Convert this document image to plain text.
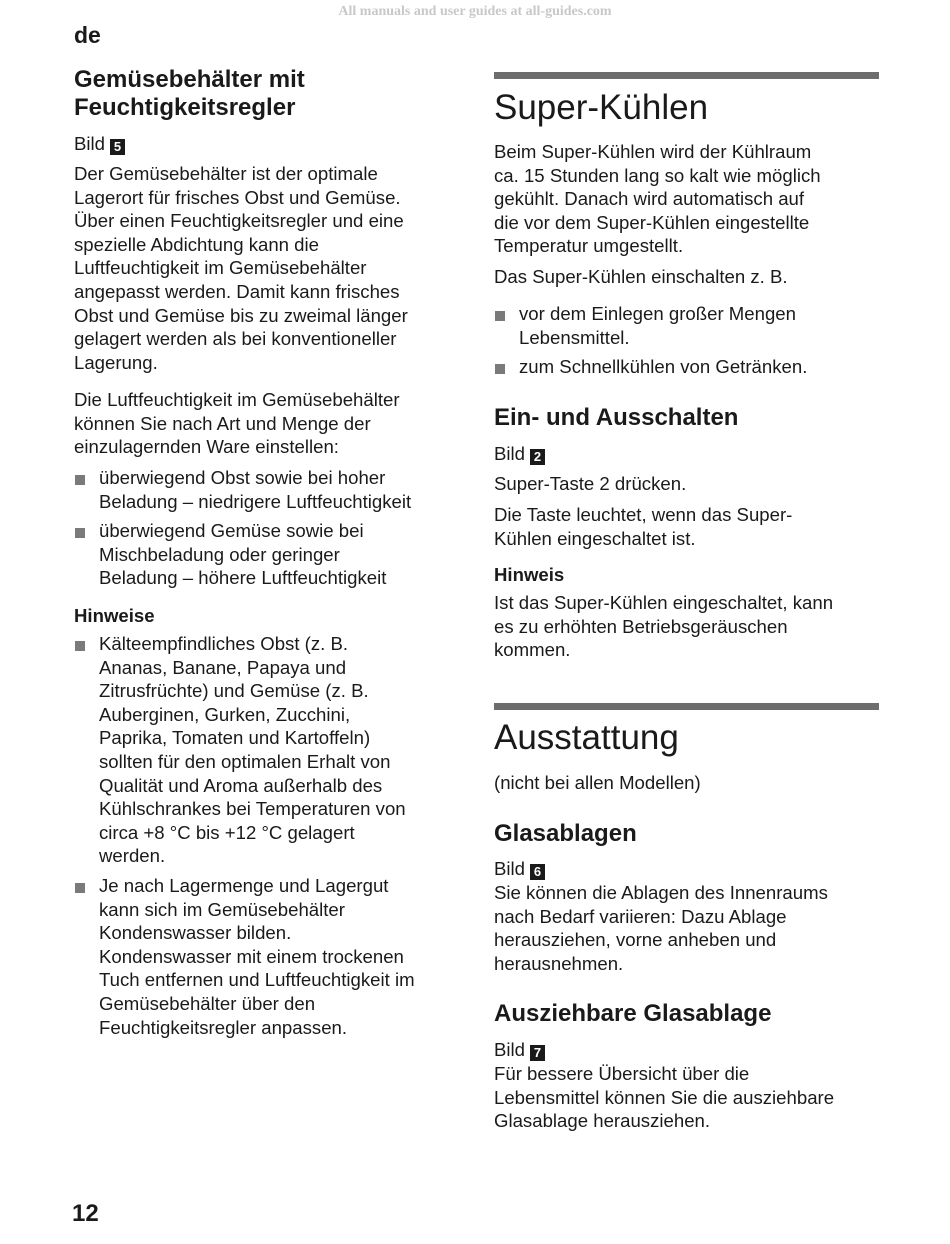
All manuals and user guides at all-guides.com
de
Gemüsebehälter mit
Feuchtigkeitsregler
Bild 5

Der Gemüsebehälter ist der optimale

Lagerort für frisches Obst und Gemüse.

Über einen Feuchtigkeitsregler und eine

spezielle Abdichtung kann die

Luftfeuchtigkeit im Gemüsebehälter

angepasst werden. Damit kann frisches

Obst und Gemüse bis zu zweimal länger

gelagert werden als bei konventioneller

Lagerung.

Die Luftfeuchtigkeit im Gemüsebehälter

können Sie nach Art und Menge der

einzulagernden Ware einstellen:

überwiegend Obst sowie bei hoher
Beladung – niedrigere Luftfeuchtigkeit
überwiegend Gemüse sowie bei
Mischbeladung oder geringer
Beladung – höhere Luftfeuchtigkeit
Hinweise
Kälteempfindliches Obst (z. B.
Ananas, Banane, Papaya und
Zitrusfrüchte) und Gemüse (z. B.
Auberginen, Gurken, Zucchini,
Paprika, Tomaten und Kartoffeln)
sollten für den optimalen Erhalt von
Qualität und Aroma außerhalb des
Kühlschrankes bei Temperaturen von
circa +8 °C bis +12 °C gelagert
werden.
Je nach Lagermenge und Lagergut
kann sich im Gemüsebehälter
Kondenswasser bilden.
Kondenswasser mit einem trockenen
Tuch entfernen und Luftfeuchtigkeit im
Gemüsebehälter über den
Feuchtigkeitsregler anpassen.
Super-Kühlen

Beim Super-Kühlen wird der Kühlraum

ca. 15 Stunden lang so kalt wie möglich

gekühlt. Danach wird automatisch auf

die vor dem Super-Kühlen eingestellte

Temperatur umgestellt.

Das Super-Kühlen einschalten z. B.

vor dem Einlegen großer Mengen
Lebensmittel.
zum Schnellkühlen von Getränken.
Ein- und Ausschalten
Bild 2

Super-Taste 2 drücken.

Die Taste leuchtet, wenn das Super-

Kühlen eingeschaltet ist.

Hinweis

Ist das Super-Kühlen eingeschaltet, kann

es zu erhöhten Betriebsgeräuschen

kommen.

Ausstattung

(nicht bei allen Modellen)

Glasablagen
Bild 6

Sie können die Ablagen des Innenraums

nach Bedarf variieren: Dazu Ablage

herausziehen, vorne anheben und

herausnehmen.

Ausziehbare Glasablage
Bild 7

Für bessere Übersicht über die

Lebensmittel können Sie die ausziehbare

Glasablage herausziehen.

12
